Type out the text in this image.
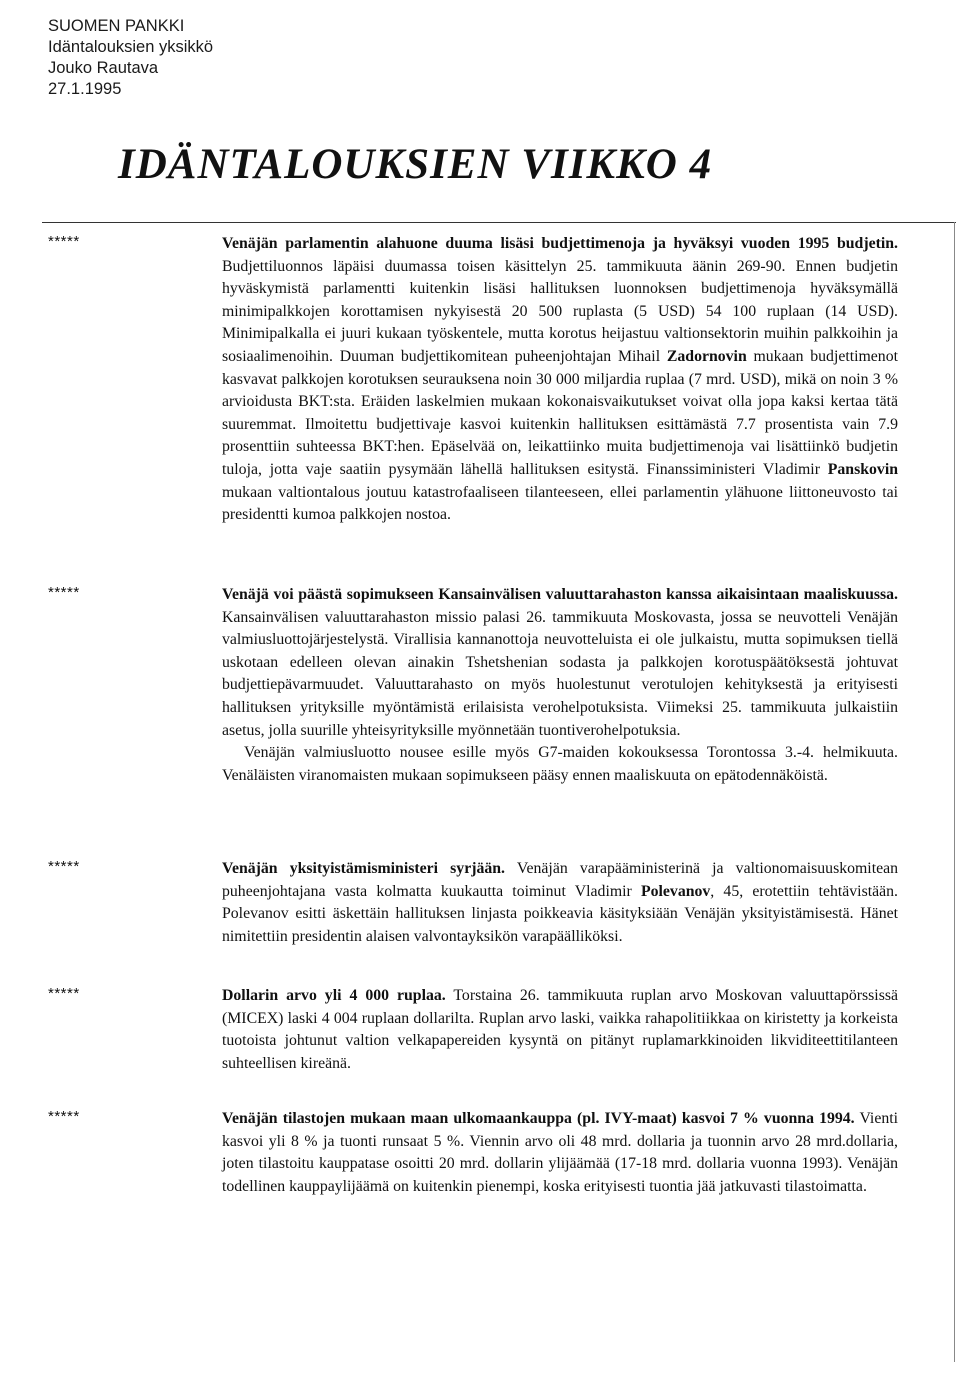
SUOMEN PANKKI
Idäntalouksien yksikkö
Jouko Rautava
27.1.1995
IDÄNTALOUKSIEN VIIKKO 4
*****	Venäjän parlamentin alahuone duuma lisäsi budjettimenoja ja hyväksyi vuoden 1995 budjetin. Budjettiluonnos läpäisi duumassa toisen käsittelyn 25. tammikuuta äänin 269-90. Ennen budjetin hyväskymistä parlamentti kuitenkin lisäsi hallituksen luonnoksen budjettimenoja hyväksymällä minimipalkkojen korottamisen nykyisestä 20 500 ruplasta (5 USD) 54 100 ruplaan (14 USD). Minimipalkalla ei juuri kukaan työskentele, mutta korotus heijastuu valtionsektorin muihin palkkoihin ja sosiaalimenoihin. Duuman budjettikomitean puheenjohtajan Mihail Zadornovin mukaan budjettimenot kasvavat palkkojen korotuksen seurauksena noin 30 000 miljardia ruplaa (7 mrd. USD), mikä on noin 3 % arvioidusta BKT:sta. Eräiden laskelmien mukaan kokonaisvaikutukset voivat olla jopa kaksi kertaa tätä suuremmat. Ilmoitettu budjettivaje kasvoi kuitenkin hallituksen esittämästä 7.7 prosentista vain 7.9 prosenttiin suhteessa BKT:hen. Epäselvää on, leikattiinko muita budjettimenoja vai lisättiinkö budjetin tuloja, jotta vaje saatiin pysymään lähellä hallituksen esitystä. Finanssiministeri Vladimir Panskovin mukaan valtiontalous joutuu katastrofaaliseen tilanteeseen, ellei parlamentin ylähuone liittoneuvosto tai presidentti kumoa palkkojen nostoa.

*****	Venäjä voi päästä sopimukseen Kansainvälisen valuuttarahaston kanssa aikaisintaan maaliskuussa. Kansainvälisen valuuttarahaston missio palasi 26. tammikuuta Moskovasta, jossa se neuvotteli Venäjän valmiusluottojärjestelystä. Virallisia kannanottoja neuvotteluista ei ole julkaistu, mutta sopimuksen tiellä uskotaan edelleen olevan ainakin Tshetshenian sodasta ja palkkojen korotuspäätöksestä johtuvat budjettiepävarmuudet. Valuuttarahasto on myös huolestunut verotulojen kehityksestä ja erityisesti hallituksen yrityksille myöntämistä erilaisista verohelpotuksista. Viimeksi 25. tammikuuta julkaistiin asetus, jolla suurille yhteisyrityksille myönnetään tuontiverohelpotuksia.

Venäjän valmiusluotto nousee esille myös G7-maiden kokouksessa Torontossa 3.-4. helmikuuta. Venäläisten viranomaisten mukaan sopimukseen pääsy ennen maaliskuuta on epätodennäköistä.

*****	Venäjän yksityistämisministeri syrjään. Venäjän varapääministerinä ja valtionomaisuuskomitean puheenjohtajana vasta kolmatta kuukautta toiminut Vladimir Polevanov, 45, erotettiin tehtävistään. Polevanov esitti äskettäin hallituksen linjasta poikkeavia käsityksiään Venäjän yksityistämisestä. Hänet nimitettiin presidentin alaisen valvontayksikön varapäälliköksi.

*****	Dollarin arvo yli 4 000 ruplaa. Torstaina 26. tammikuuta ruplan arvo Moskovan valuuttapörssissä (MICEX) laski 4 004 ruplaan dollarilta. Ruplan arvo laski, vaikka rahapolitiikkaa on kiristetty ja korkeista tuotoista johtunut valtion velkapapereiden kysyntä on pitänyt ruplamarkkinoiden likviditeettitilanteen suhteellisen kireänä.

*****	Venäjän tilastojen mukaan maan ulkomaankauppa (pl. IVY-maat) kasvoi 7 % vuonna 1994. Vienti kasvoi yli 8 % ja tuonti runsaat 5 %. Viennin arvo oli 48 mrd. dollaria ja tuonnin arvo 28 mrd.dollaria, joten tilastoitu kauppatase osoitti 20 mrd. dollarin ylijäämää (17-18 mrd. dollaria vuonna 1993). Venäjän todellinen kauppaylijäämä on kuitenkin pienempi, koska erityisesti tuontia jää jatkuvasti tilastoimatta.
